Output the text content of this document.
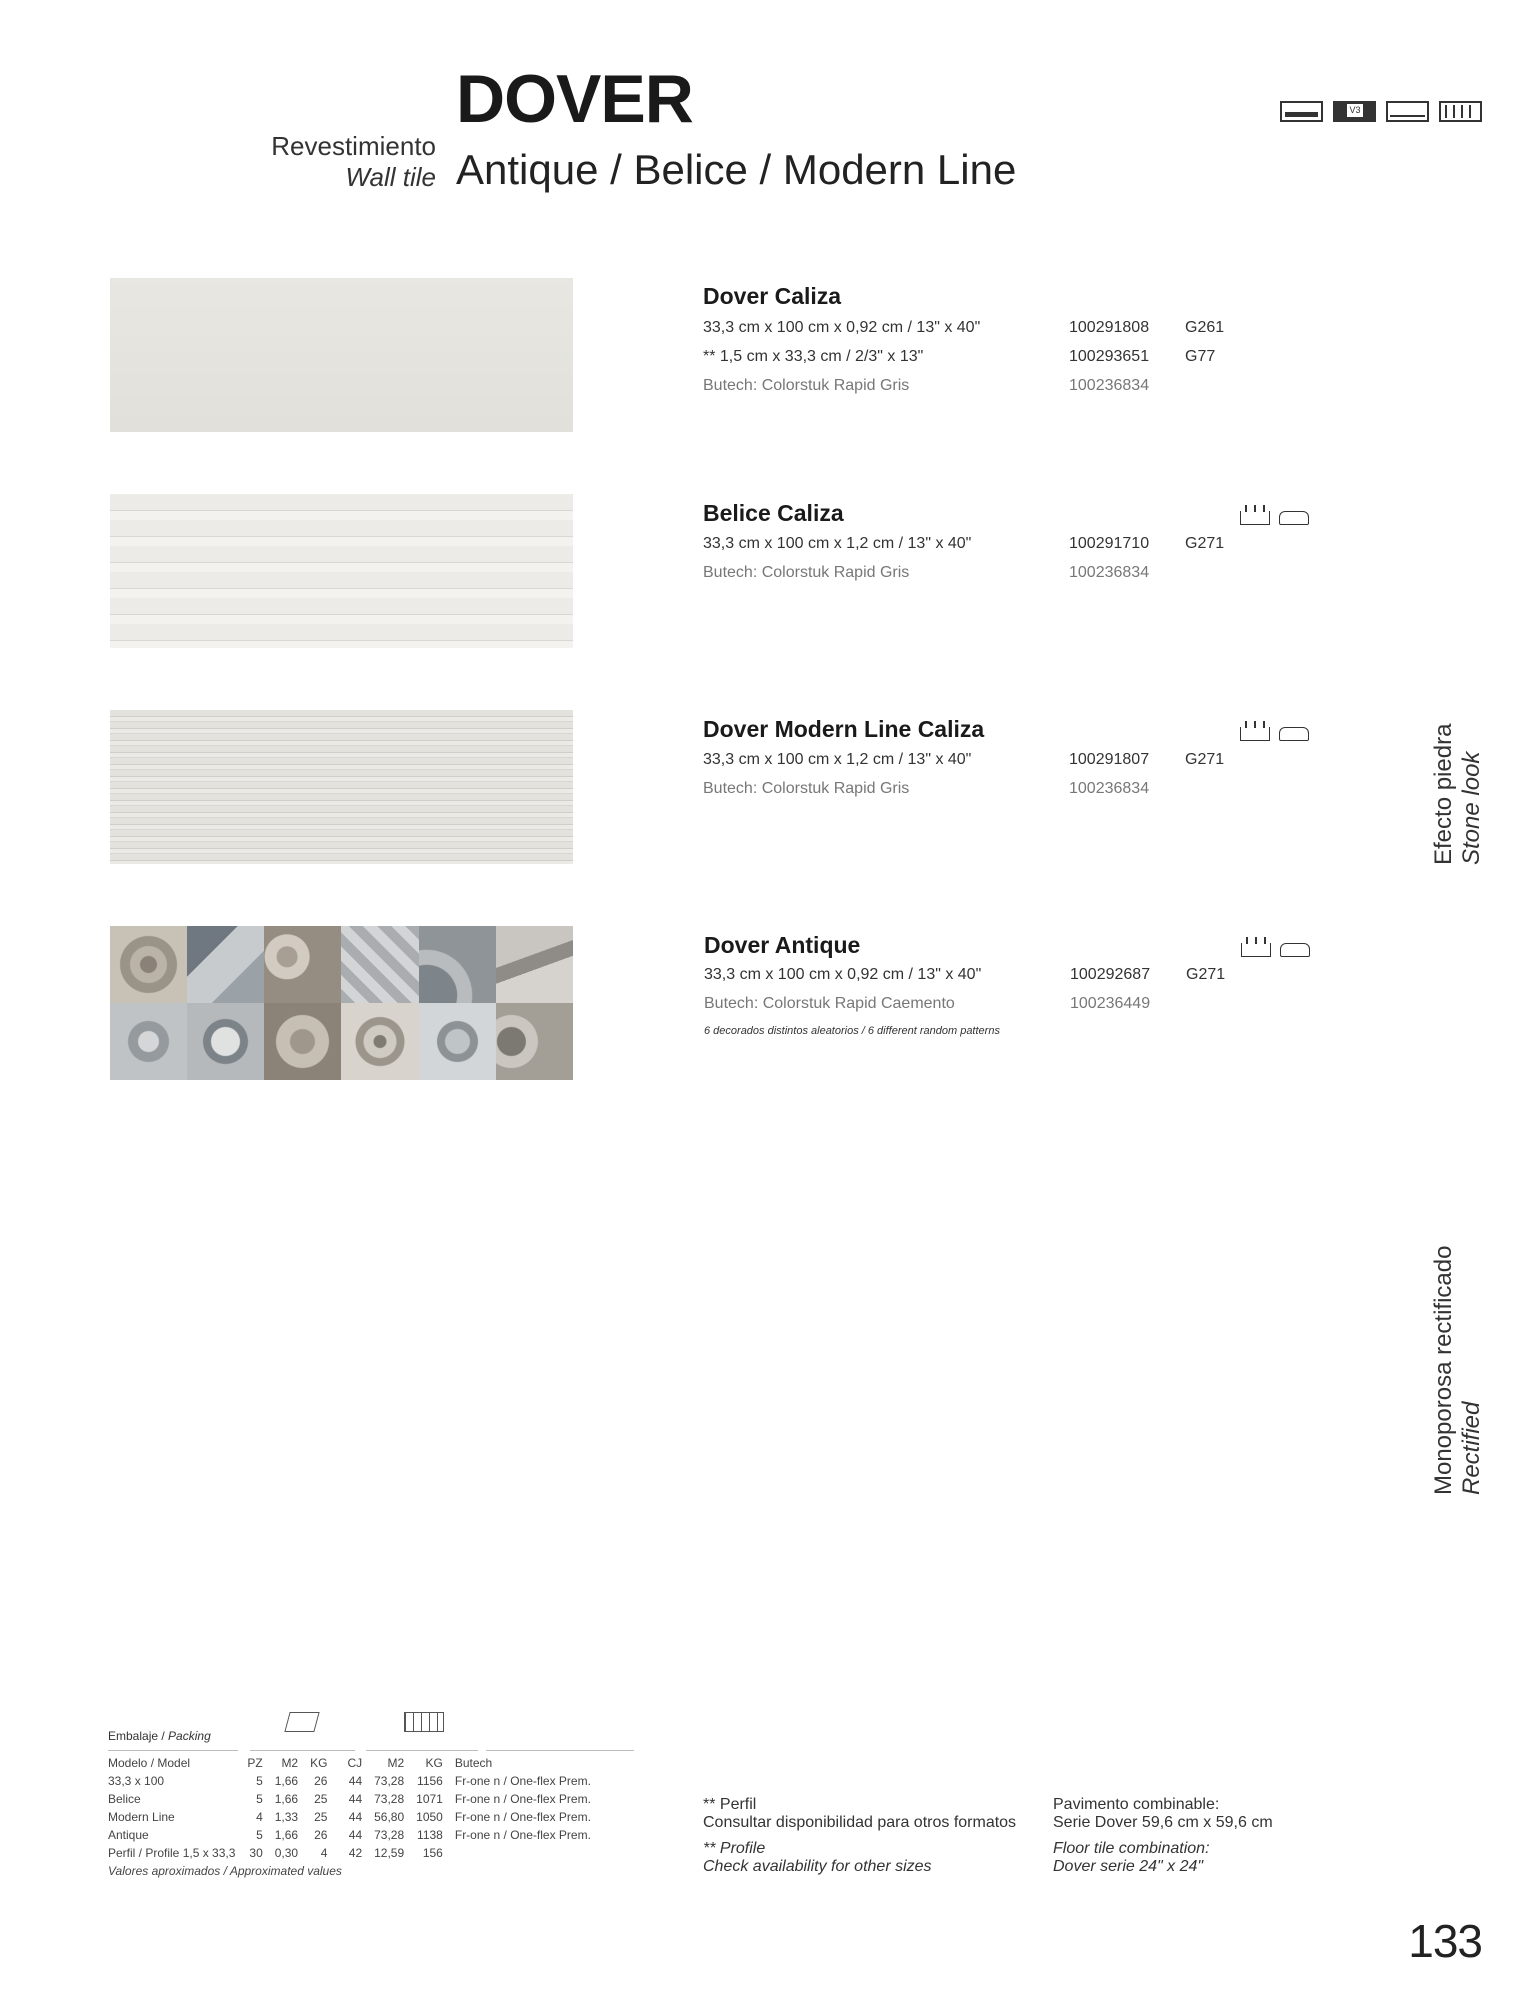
Revestimiento
Wall tile
DOVER
Antique / Belice / Modern Line
V3
Dover Caliza
33,3 cm x 100 cm x 0,92 cm / 13" x 40"	100291808 G261
** 1,5 cm x 33,3 cm / 2/3" x 13"	100293651 G77
Butech: Colorstuk Rapid Gris	100236834
Belice Caliza
33,3 cm x 100 cm x 1,2 cm / 13" x 40"	100291710 G271
Butech: Colorstuk Rapid Gris	100236834
Dover Modern Line Caliza
33,3 cm x 100 cm x 1,2 cm / 13" x 40"	100291807 G271
Butech: Colorstuk Rapid Gris	100236834
Dover Antique
33,3 cm x 100 cm x 0,92 cm / 13" x 40"	100292687 G271
Butech: Colorstuk Rapid Caemento	100236449
6 decorados distintos aleatorios / 6 different random patterns
Efecto piedra Stone look
Monoporosa rectificado Rectified
Embalaje / Packing
Modelo / Model	PZ	M2	KG	CJ	M2	KG	Butech
33,3 x 100	5	1,66	26	44	73,28	1156	Fr-one n / One-flex Prem.
Belice	5	1,66	25	44	73,28	1071	Fr-one n / One-flex Prem.
Modern Line	4	1,33	25	44	56,80	1050	Fr-one n / One-flex Prem.
Antique	5	1,66	26	44	73,28	1138	Fr-one n / One-flex Prem.
Perfil / Profile 1,5 x 33,3	30	0,30	4	42	12,59	156	
Valores aproximados / Approximated values
** Perfil
Consultar disponibilidad para otros formatos
** Profile
Check availability for other sizes
Pavimento combinable:
Serie Dover 59,6 cm x 59,6 cm
Floor tile combination:
Dover serie 24" x 24"
133
